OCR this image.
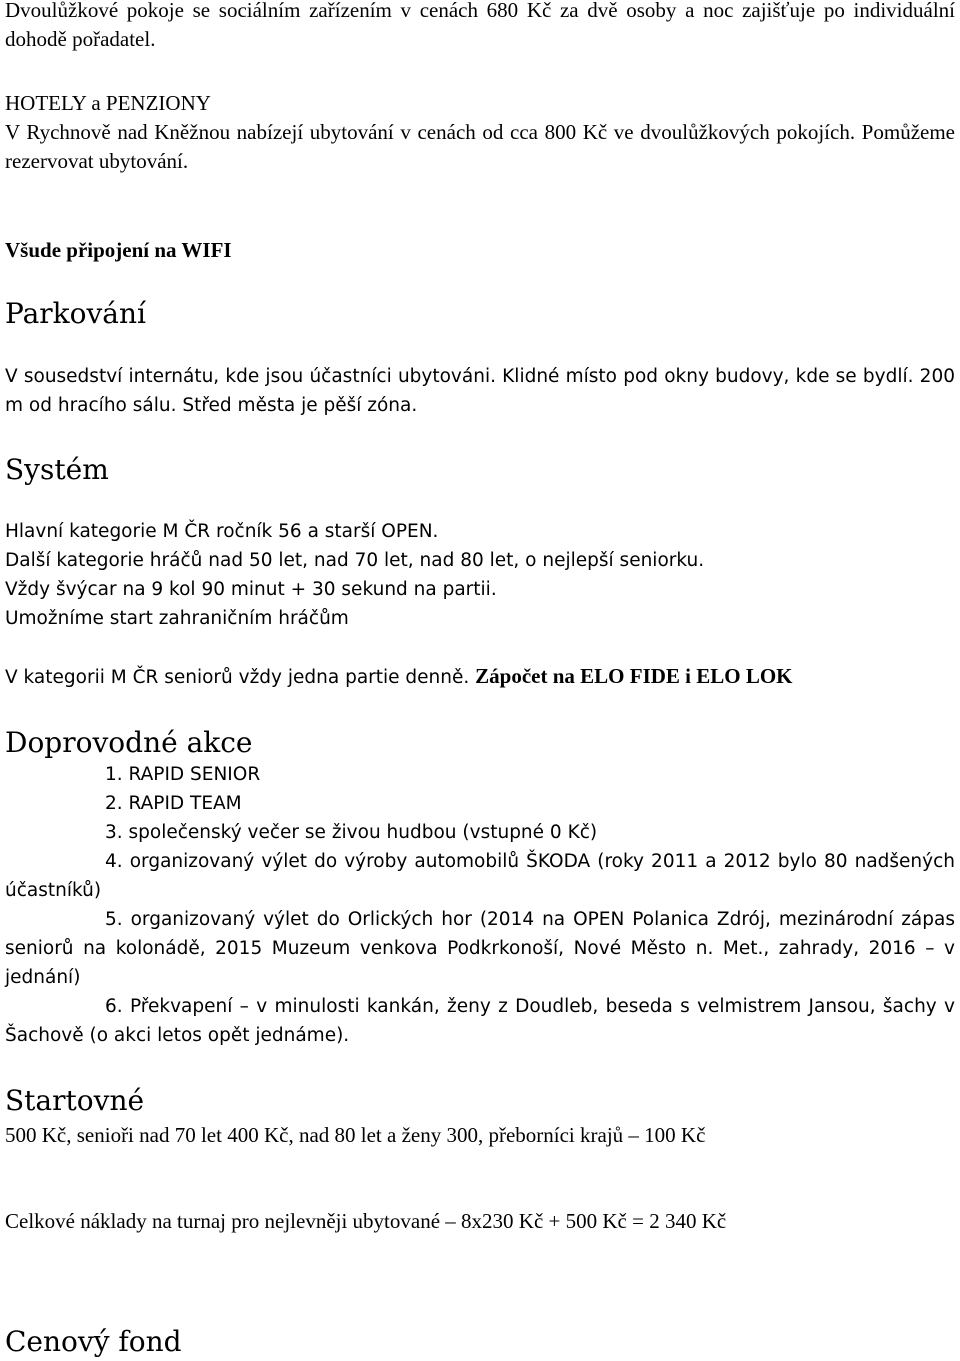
Dvoulůžkové pokoje se sociálním zařízením v cenách 680 Kč za dvě osoby a noc zajišťuje po individuální dohodě pořadatel.

HOTELY a PENZIONY

V Rychnově nad Kněžnou nabízejí ubytování v cenách od cca 800 Kč ve dvoulůžkových pokojích. Pomůžeme rezervovat ubytování.

Všude připojení na WIFI

Parkování

V sousedství internátu, kde jsou účastníci ubytováni. Klidné místo pod okny budovy, kde se bydlí. 200 m od hracího sálu. Střed města je pěší zóna.

Systém

Hlavní kategorie M ČR ročník 56 a starší OPEN.

Další kategorie hráčů nad 50 let, nad 70 let, nad 80 let, o nejlepší seniorku.

Vždy švýcar na 9 kol 90 minut + 30 sekund na partii.

Umožníme start zahraničním hráčům

V kategorii M ČR seniorů vždy jedna partie denně. Zápočet na ELO FIDE i ELO LOK

Doprovodné akce

1. RAPID SENIOR

2. RAPID TEAM

3. společenský večer se živou hudbou (vstupné 0 Kč)

4. organizovaný výlet do výroby automobilů ŠKODA (roky 2011 a 2012 bylo 80 nadšených účastníků)

5. organizovaný výlet do Orlických hor (2014 na OPEN Polanica Zdrój, mezinárodní zápas seniorů na kolonádě, 2015 Muzeum venkova Podkrkonoší, Nové Město n. Met., zahrady, 2016 – v jednání)

6. Překvapení – v minulosti kankán, ženy z Doudleb, beseda s velmistrem Jansou, šachy v Šachově (o akci letos opět jednáme).

Startovné

500 Kč, senioři nad 70 let 400 Kč, nad 80 let a ženy 300, přeborníci krajů – 100 Kč

Celkové náklady na turnaj pro nejlevněji ubytované – 8x230 Kč + 500 Kč = 2 340 Kč

Cenový fond
